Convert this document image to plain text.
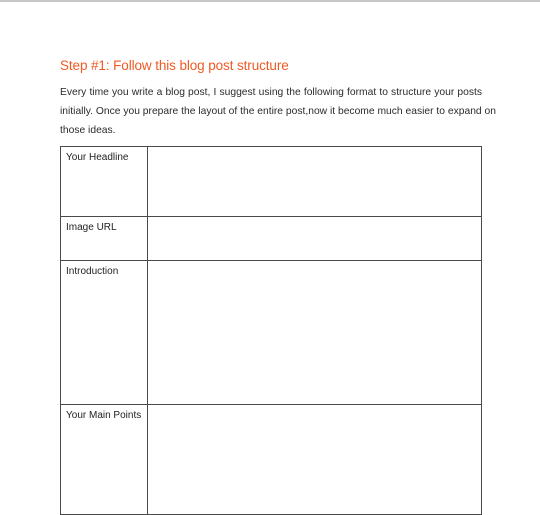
Step #1: Follow this blog post structure

Every time you write a blog post, I suggest using the following format to structure your posts
initially. Once you prepare the layout of the entire post,now it become much easier to expand on
those ideas.

Your Headline	

Image URL	

Introduction	

Your Main Points	
